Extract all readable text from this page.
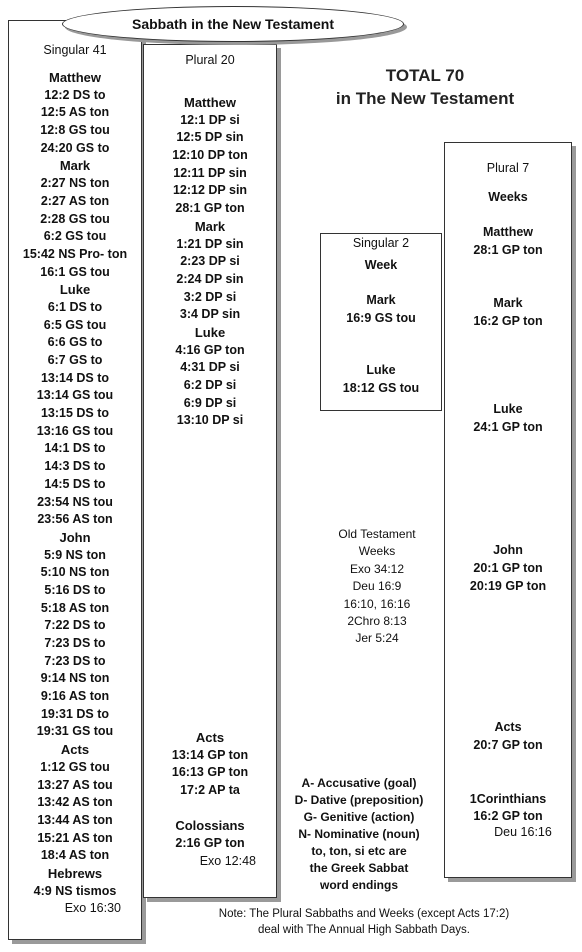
Singular 41
Matthew
12:2 DS to
12:5 AS ton
12:8 GS tou
24:20 GS to
Mark
2:27 NS ton
2:27 AS ton
2:28 GS tou
6:2 GS tou
15:42 NS Pro- ton
16:1 GS tou
Luke
6:1 DS to
6:5 GS tou
6:6 GS to
6:7 GS to
13:14 DS to
13:14 GS tou
13:15 DS to
13:16 GS tou
14:1 DS to
14:3 DS to
14:5 DS to
23:54 NS tou
23:56 AS ton
John
5:9 NS ton
5:10 NS ton
5:16 DS to
5:18 AS ton
7:22 DS to
7:23 DS to
7:23 DS to
9:14 NS ton
9:16 AS ton
19:31 DS to
19:31 GS tou
Acts
1:12 GS tou
13:27 AS tou
13:42 AS ton
13:44 AS ton
15:21 AS ton
18:4 AS ton
Hebrews
4:9 NS tismos
Exo 16:30
Plural 20
Matthew
12:1 DP si
12:5 DP sin
12:10 DP ton
12:11 DP sin
12:12 DP sin
28:1 GP ton
Mark
1:21 DP sin
2:23 DP si
2:24 DP sin
3:2 DP si
3:4 DP sin
Luke
4:16 GP ton
4:31 DP si
6:2 DP si
6:9 DP si
13:10 DP si
Acts
13:14 GP ton
16:13 GP ton
17:2 AP ta
Colossians
2:16 GP ton
Exo 12:48
Sabbath in the New Testament
TOTAL 70
in The New Testament
Singular 2
Week
Mark
16:9 GS tou
Luke
18:12 GS tou
Plural 7
Weeks
Matthew
28:1 GP ton
Mark
16:2 GP ton
Luke
24:1 GP ton
John
20:1 GP ton
20:19 GP ton
Acts
20:7 GP ton
1Corinthians
16:2 GP ton
Deu 16:16
Old Testament
Weeks
Exo 34:12
Deu 16:9
16:10, 16:16
2Chro 8:13
Jer 5:24
A- Accusative (goal)
D- Dative (preposition)
G- Genitive (action)
N- Nominative (noun)
to, ton, si etc are
the Greek Sabbat
word endings
Note: The Plural Sabbaths and Weeks (except Acts 17:2)
deal with The Annual High Sabbath Days.
